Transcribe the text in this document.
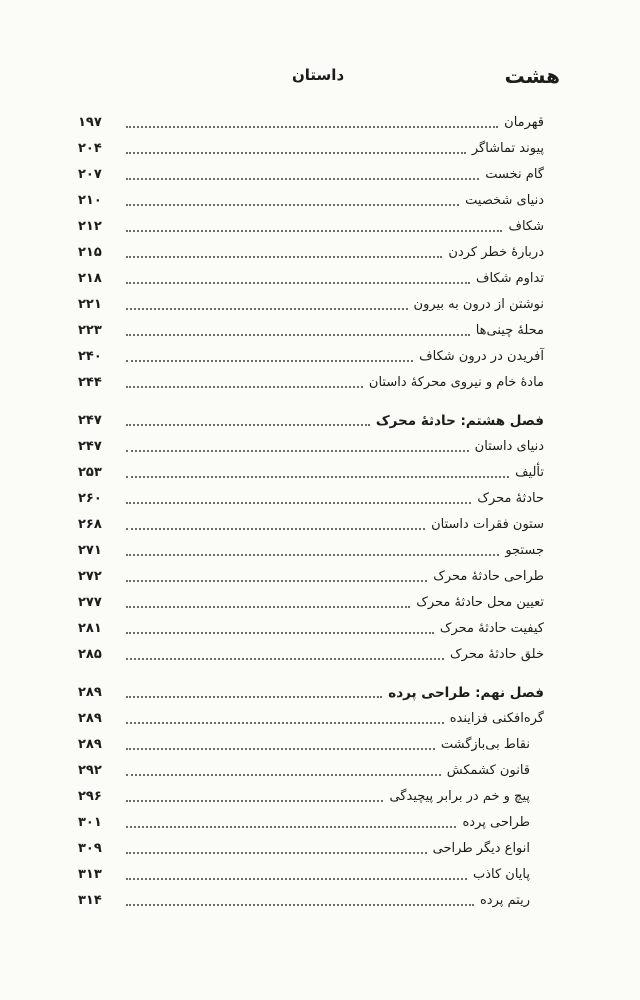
هشت
داستان
۱۹۷	قهرمان
۲۰۴	پیوند تماشاگر
۲۰۷	گام نخست
۲۱۰	دنیای شخصیت
۲۱۲	شکاف
۲۱۵	دربارهٔ خطر کردن
۲۱۸	تداوم شکاف
۲۲۱	نوشتن از درون به بیرون
۲۲۳	محلهٔ چینی‌ها
۲۴۰	آفریدن در درون شکاف
۲۴۴	مادهٔ خام و نیروی محرکهٔ داستان
۲۴۷	فصل هشتم: حادثهٔ محرک
۲۴۷	دنیای داستان
۲۵۳	تألیف
۲۶۰	حادثهٔ محرک
۲۶۸	ستون فقرات داستان
۲۷۱	جستجو
۲۷۲	طراحی حادثهٔ محرک
۲۷۷	تعیین محل حادثهٔ محرک
۲۸۱	کیفیت حادثهٔ محرک
۲۸۵	خلق حادثهٔ محرک
۲۸۹	فصل نهم: طراحی پرده
۲۸۹	گره‌افکنی فزاینده
۲۸۹	نقاط بی‌بازگشت
۲۹۲	قانون کشمکش
۲۹۶	پیچ و خم در برابر پیچیدگی
۳۰۱	طراحی پرده
۳۰۹	انواع دیگر طراحی
۳۱۳	پایان کاذب
۳۱۴	ریتم پرده
